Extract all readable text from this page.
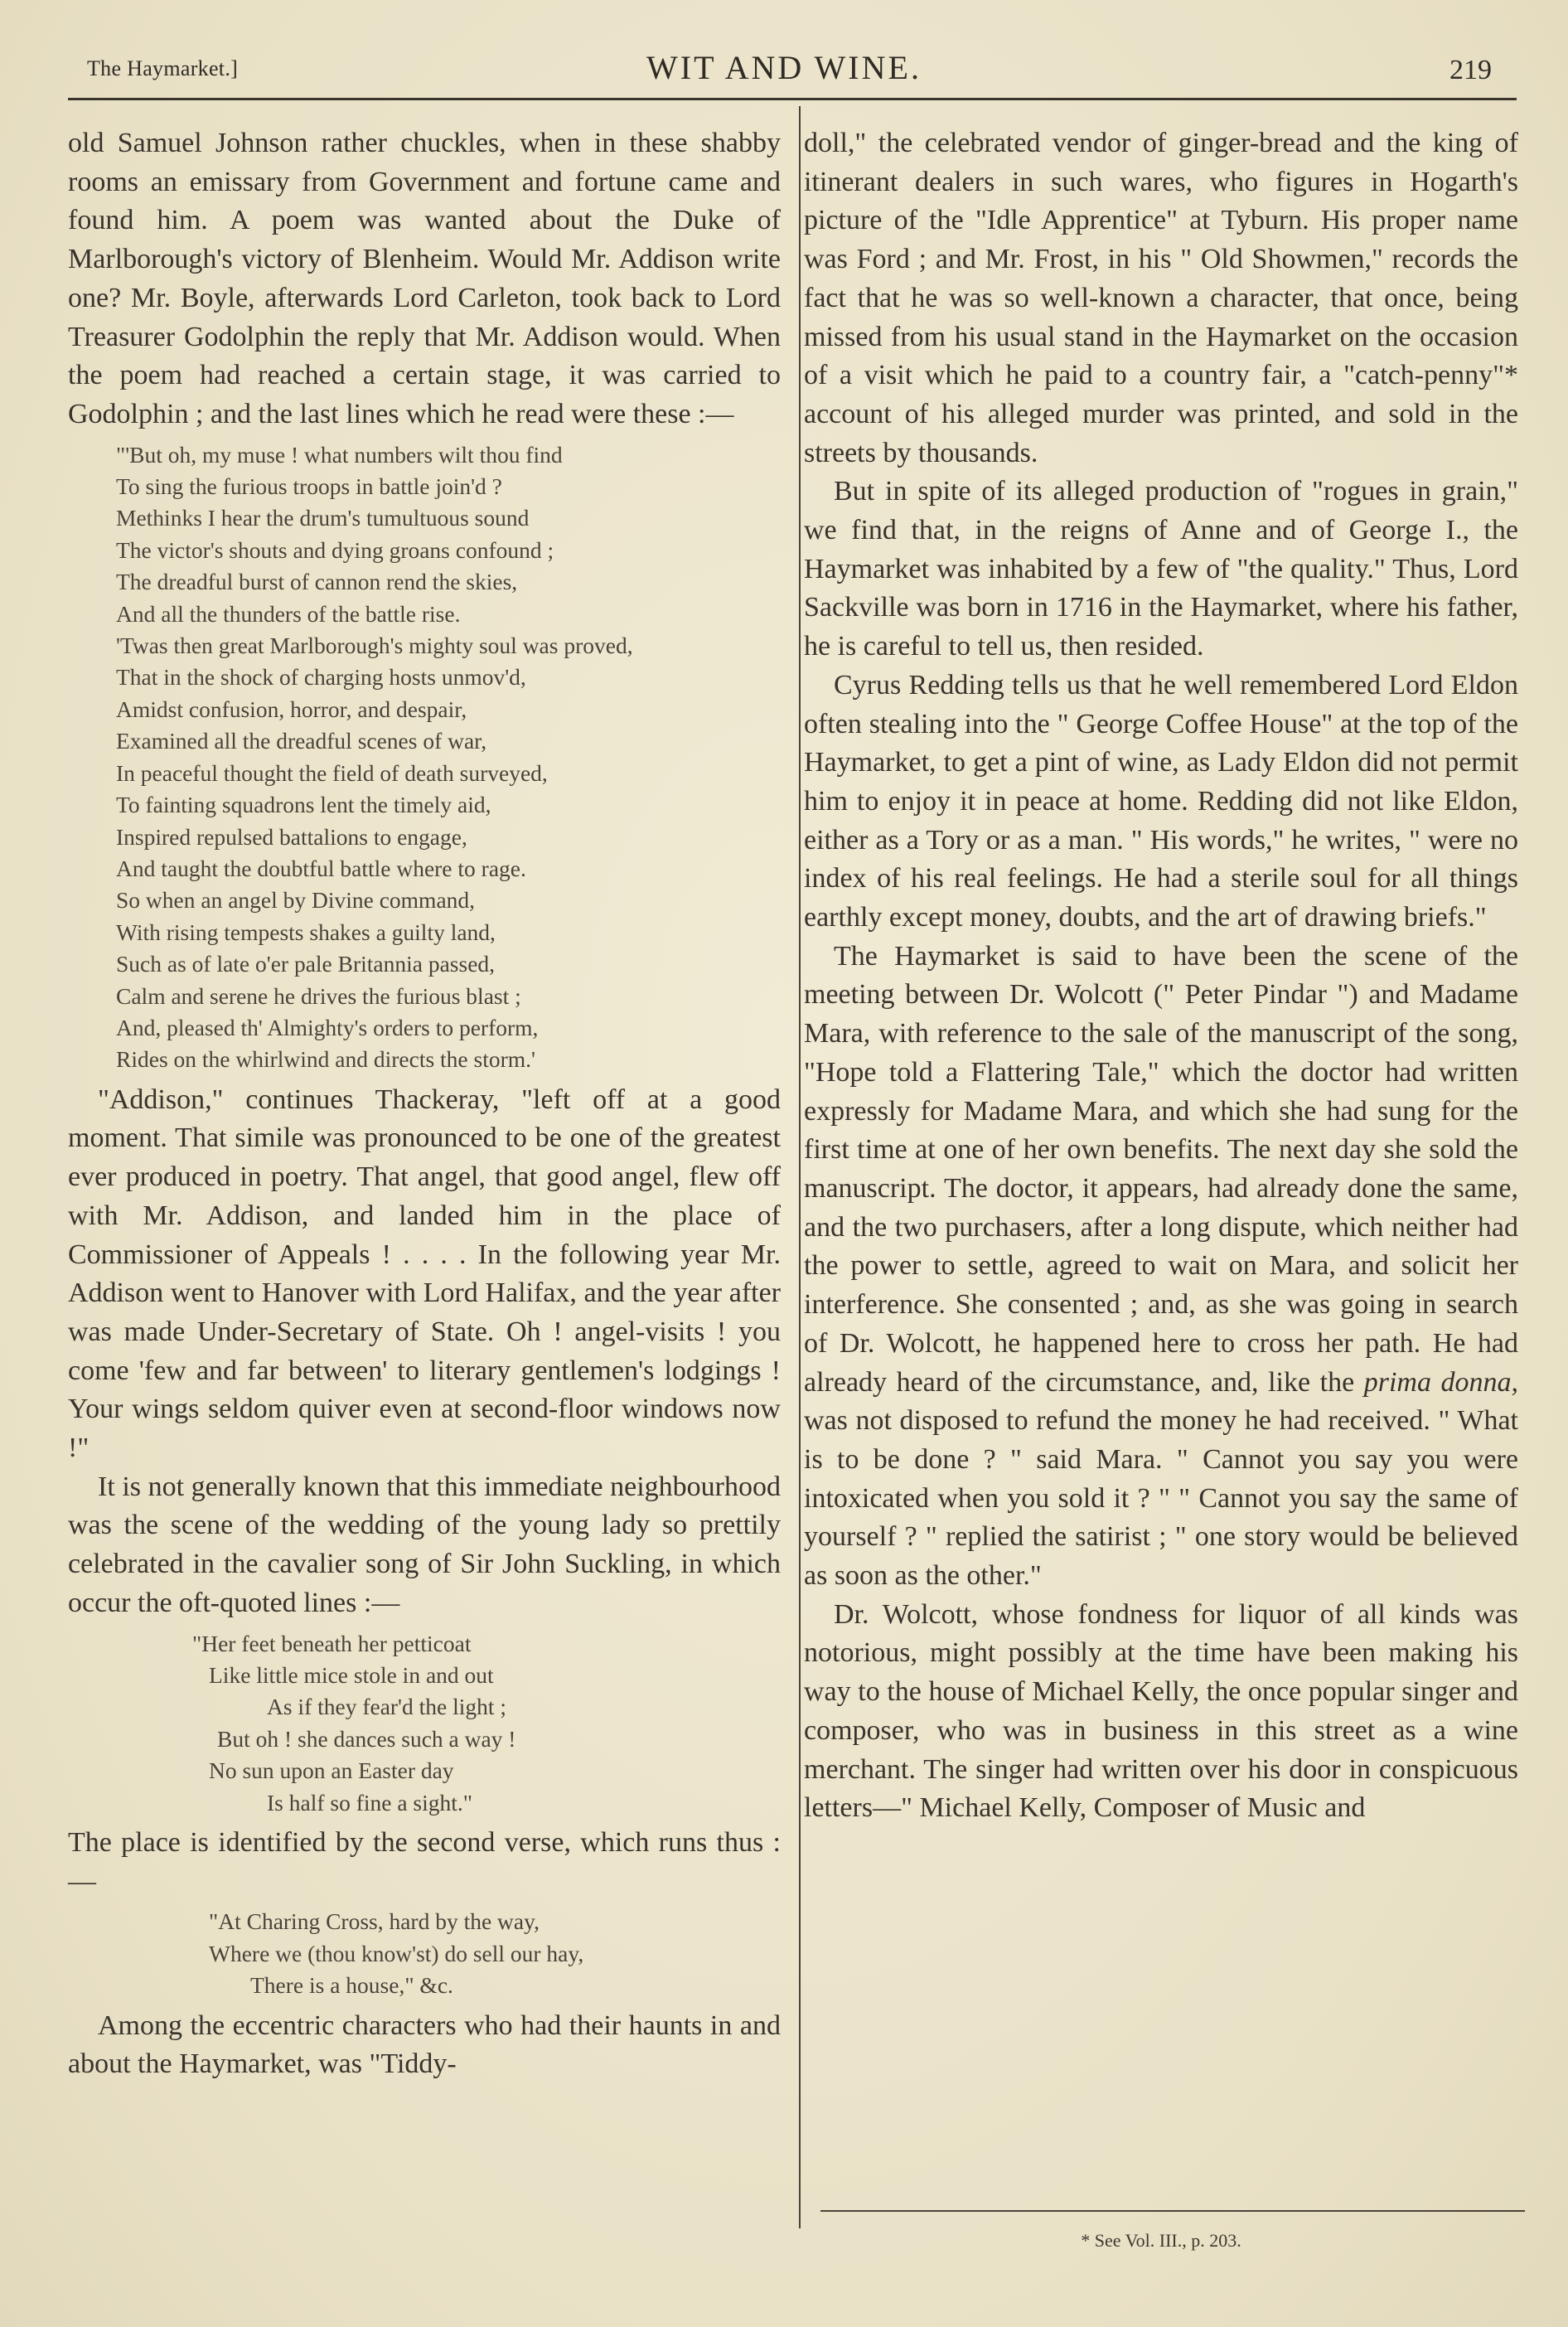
The Haymarket.]	WIT AND WINE.	219

old Samuel Johnson rather chuckles, when in these shabby rooms an emissary from Government and fortune came and found him. A poem was wanted about the Duke of Marlborough's victory of Blenheim. Would Mr. Addison write one? Mr. Boyle, afterwards Lord Carleton, took back to Lord Treasurer Godolphin the reply that Mr. Addison would. When the poem had reached a certain stage, it was carried to Godolphin ; and the last lines which he read were these :—

"'But oh, my muse ! what numbers wilt thou find
To sing the furious troops in battle join'd ?
Methinks I hear the drum's tumultuous sound
The victor's shouts and dying groans confound ;
The dreadful burst of cannon rend the skies,
And all the thunders of the battle rise.
'Twas then great Marlborough's mighty soul was proved,
That in the shock of charging hosts unmov'd,
Amidst confusion, horror, and despair,
Examined all the dreadful scenes of war,
In peaceful thought the field of death surveyed,
To fainting squadrons lent the timely aid,
Inspired repulsed battalions to engage,
And taught the doubtful battle where to rage.
So when an angel by Divine command,
With rising tempests shakes a guilty land,
Such as of late o'er pale Britannia passed,
Calm and serene he drives the furious blast ;
And, pleased th' Almighty's orders to perform,
Rides on the whirlwind and directs the storm.'

"Addison," continues Thackeray, "left off at a good moment. That simile was pronounced to be one of the greatest ever produced in poetry. That angel, that good angel, flew off with Mr. Addison, and landed him in the place of Commissioner of Appeals ! . . . . In the following year Mr. Addison went to Hanover with Lord Halifax, and the year after was made Under-Secretary of State. Oh ! angel-visits ! you come 'few and far between' to literary gentlemen's lodgings ! Your wings seldom quiver even at second-floor windows now !"

It is not generally known that this immediate neighbourhood was the scene of the wedding of the young lady so prettily celebrated in the cavalier song of Sir John Suckling, in which occur the oft-quoted lines :—

"Her feet beneath her petticoat
Like little mice stole in and out
As if they fear'd the light ;
But oh ! she dances such a way !
No sun upon an Easter day
Is half so fine a sight."

The place is identified by the second verse, which runs thus :—

"At Charing Cross, hard by the way,
Where we (thou know'st) do sell our hay,
There is a house," &c.

Among the eccentric characters who had their haunts in and about the Haymarket, was "Tiddy-

doll," the celebrated vendor of ginger-bread and the king of itinerant dealers in such wares, who figures in Hogarth's picture of the "Idle Apprentice" at Tyburn. His proper name was Ford ; and Mr. Frost, in his " Old Showmen," records the fact that he was so well-known a character, that once, being missed from his usual stand in the Haymarket on the occasion of a visit which he paid to a country fair, a "catch-penny"* account of his alleged murder was printed, and sold in the streets by thousands.

But in spite of its alleged production of "rogues in grain," we find that, in the reigns of Anne and of George I., the Haymarket was inhabited by a few of "the quality." Thus, Lord Sackville was born in 1716 in the Haymarket, where his father, he is careful to tell us, then resided.

Cyrus Redding tells us that he well remembered Lord Eldon often stealing into the " George Coffee House" at the top of the Haymarket, to get a pint of wine, as Lady Eldon did not permit him to enjoy it in peace at home. Redding did not like Eldon, either as a Tory or as a man. " His words," he writes, " were no index of his real feelings. He had a sterile soul for all things earthly except money, doubts, and the art of drawing briefs."

The Haymarket is said to have been the scene of the meeting between Dr. Wolcott (" Peter Pindar ") and Madame Mara, with reference to the sale of the manuscript of the song, "Hope told a Flattering Tale," which the doctor had written expressly for Madame Mara, and which she had sung for the first time at one of her own benefits. The next day she sold the manuscript. The doctor, it appears, had already done the same, and the two purchasers, after a long dispute, which neither had the power to settle, agreed to wait on Mara, and solicit her interference. She consented ; and, as she was going in search of Dr. Wolcott, he happened here to cross her path. He had already heard of the circumstance, and, like the prima donna, was not disposed to refund the money he had received. " What is to be done ? " said Mara. " Cannot you say you were intoxicated when you sold it ? " " Cannot you say the same of yourself ? " replied the satirist ; " one story would be believed as soon as the other."

Dr. Wolcott, whose fondness for liquor of all kinds was notorious, might possibly at the time have been making his way to the house of Michael Kelly, the once popular singer and composer, who was in business in this street as a wine merchant. The singer had written over his door in conspicuous letters—" Michael Kelly, Composer of Music and

* See Vol. III., p. 203.
